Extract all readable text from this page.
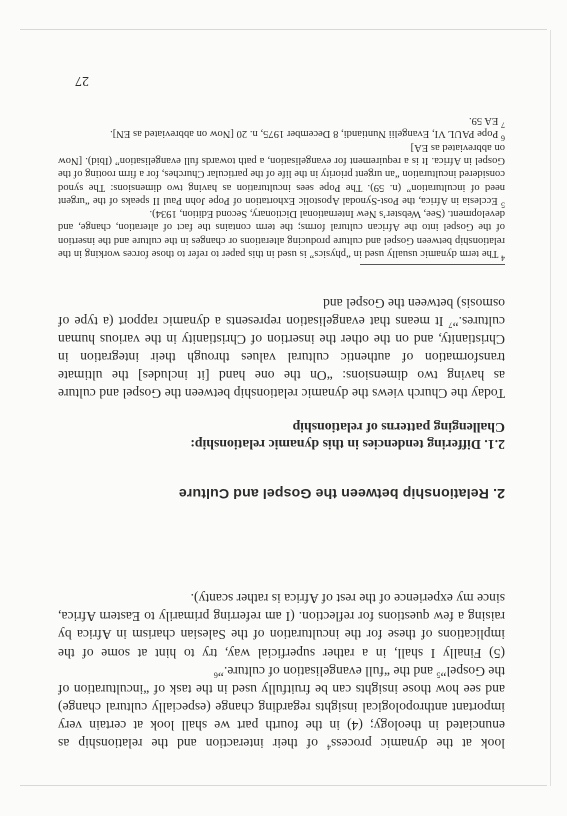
look at the dynamic process$^4$ of their interaction and the relationship as enunciated in theology; (4) in the fourth part we shall look at certain very important anthropological insights regarding change (especially cultural change) and see how those insights can be fruitfully used in the task of “inculturation of the Gospel”$^5$ and the “full evangelisation of culture.”$^6$

(5) Finally I shall, in a rather superficial way, try to hint at some of the implications of these for the inculturation of the Salesian charism in Africa by raising a few questions for reflection. (I am referring primarily to Eastern Africa, since my experience of the rest of Africa is rather scanty).

2. Relationship between the Gospel and Culture
2.1. Differing tendencies in this dynamic relationship:
Challenging patterns of relationship

Today the Church views the dynamic relationship between the Gospel and culture as having two dimensions: “On the one hand [it includes] the ultimate transformation of authentic cultural values through their integration in Christianity, and on the other the insertion of Christianity in the various human cultures.”$^7$ It means that evangelisation represents a dynamic rapport (a type of osmosis) between the Gospel and

$^4$ The term dynamic usually used in “physics” is used in this paper to refer to those forces working in the relationship between Gospel and culture producing alterations or changes in the culture and the insertion of the Gospel into the African cultural forms; the term contains the fact of alteration, change, and development. (See, Webster’s New International Dictionary, Second Edition, 1934).

$^5$ Ecclesia in Africa, the Post-Synodal Apostolic Exhortation of Pope John Paul II speaks of the “urgent need of inculturation” (n. 59). The Pope sees inculturation as having two dimensions: The synod considered inculturation “an urgent priority in the life of the particular Churches, for a firm rooting of the Gospel in Africa. It is a requirement for evangelisation, a path towards full evangelisation” (Ibid). [Now on abbreviated as EA]

$^6$ Pope PAUL VI, Evangelii Nuntiandi, 8 December 1975, n. 20 [Now on abbreviated as EN].

$^7$ EA 59.

27
